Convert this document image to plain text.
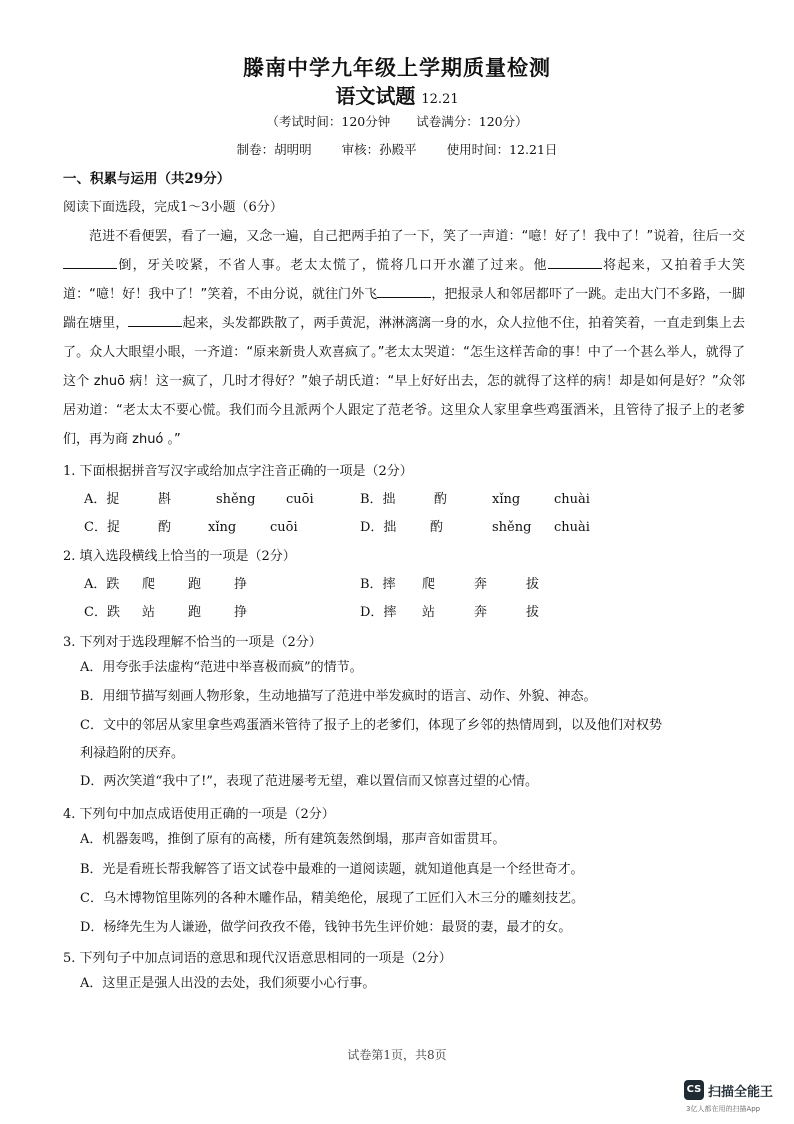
滕南中学九年级上学期质量检测
语文试题 12.21
（考试时间：120分钟 试卷满分：120分）
制卷：胡明明 审核：孙殿平 使用时间：12.21日
一、积累与运用（共29分）
阅读下面选段，完成1～3小题（6分）

范进不看便罢，看了一遍，又念一遍，自己把两手拍了一下，笑了一声道：“噫！好了！我中了！”说着，往后一交倒，牙关咬紧，不省人事。老太太慌了，慌将几口开水灌了过来。他	将起来，又拍着手大笑道：“噫！好！我中了！”笑着，不由分说，就往门外飞	，把报录人和邻居都吓了一跳。走出大门不多路，一脚踹在塘里，	起来，头发都跌散了，两手黄泥，淋淋漓漓一身的水，众人拉他不住，拍着笑着，一直走到集上去了。众人大眼望小眼，一齐道：“原来新贵人欢喜疯了。”老太太哭道：“怎生这样苦命的事！中了一个甚么举人，就得了这个 zhuō 病！这一疯了，几时才得好？”娘子胡氏道：“早上好好出去，怎的就得了这样的病！却是如何是好？”众邻居劝道：“老太太不要心慌。我们而今且派两个人跟定了范老爷。这里众人家里拿些鸡蛋酒米，且管待了报子上的老爹们，再为商 zhuó 。”

1. 下面根据拼音写汉字或给加点字注音正确的一项是（2分）
A．捉	斟	shěng cuōi	B．拙	酌	xǐng	chuài
C．捉	酌	xǐng	cuōi	D．拙	酌	shěng chuài
2. 填入选段横线上恰当的一项是（2分）
A．跌 爬	跑	挣	B．摔 爬	奔	拔
C．跌 站	跑	挣	D．摔 站	奔	拔
3. 下列对于选段理解不恰当的一项是（2分）
A．用夸张手法虚构“范进中举喜极而疯”的情节。
B．用细节描写刻画人物形象，生动地描写了范进中举发疯时的语言、动作、外貌、神态。
C．文中的邻居从家里拿些鸡蛋酒米管待了报子上的老爹们，体现了乡邻的热情周到，以及他们对权势
利禄趋附的厌弃。
D．两次笑道“我中了!”，表现了范进屡考无望，难以置信而又惊喜过望的心情。
4. 下列句中加点成语使用正确的一项是（2分）
A．机器轰鸣，推倒了原有的高楼，所有建筑轰然倒塌，那声音如雷贯耳。
B．光是看班长帮我解答了语文试卷中最难的一道阅读题，就知道他真是一个经世奇才。
C．乌木博物馆里陈列的各种木雕作品，精美绝伦，展现了工匠们入木三分的雕刻技艺。
D．杨绛先生为人谦逊，做学问孜孜不倦，钱钟书先生评价她：最贤的妻，最才的女。
5. 下列句子中加点词语的意思和现代汉语意思相同的一项是（2分）
A．这里正是强人出没的去处，我们须要小心行事。
试卷第1页，共8页
CS 扫描全能王
3亿人都在用的扫描App
